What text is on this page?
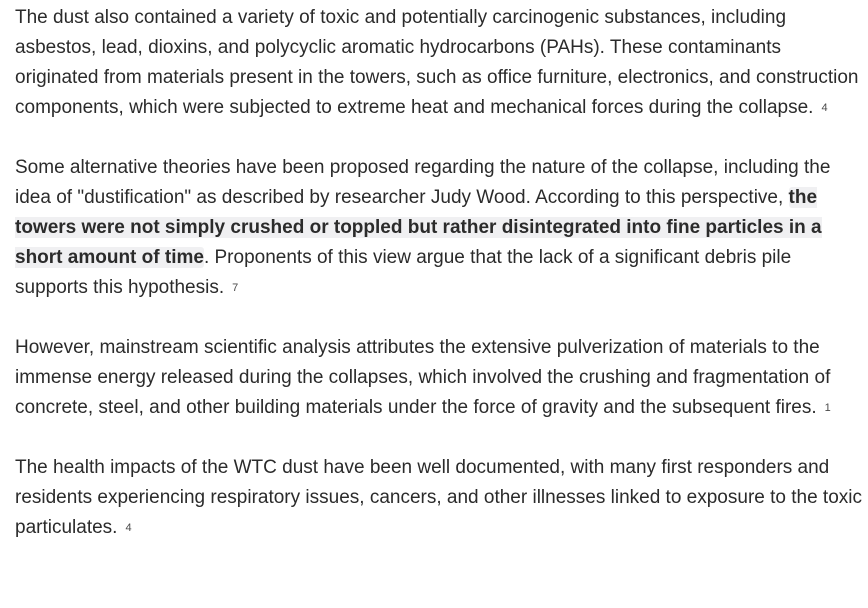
The dust also contained a variety of toxic and potentially carcinogenic substances, including asbestos, lead, dioxins, and polycyclic aromatic hydrocarbons (PAHs). These contaminants originated from materials present in the towers, such as office furniture, electronics, and construction components, which were subjected to extreme heat and mechanical forces during the collapse. 4

Some alternative theories have been proposed regarding the nature of the collapse, including the idea of "dustification" as described by researcher Judy Wood. According to this perspective, the towers were not simply crushed or toppled but rather disintegrated into fine particles in a short amount of time. Proponents of this view argue that the lack of a significant debris pile supports this hypothesis. 7

However, mainstream scientific analysis attributes the extensive pulverization of materials to the immense energy released during the collapses, which involved the crushing and fragmentation of concrete, steel, and other building materials under the force of gravity and the subsequent fires. 1

The health impacts of the WTC dust have been well documented, with many first responders and residents experiencing respiratory issues, cancers, and other illnesses linked to exposure to the toxic particulates. 4
